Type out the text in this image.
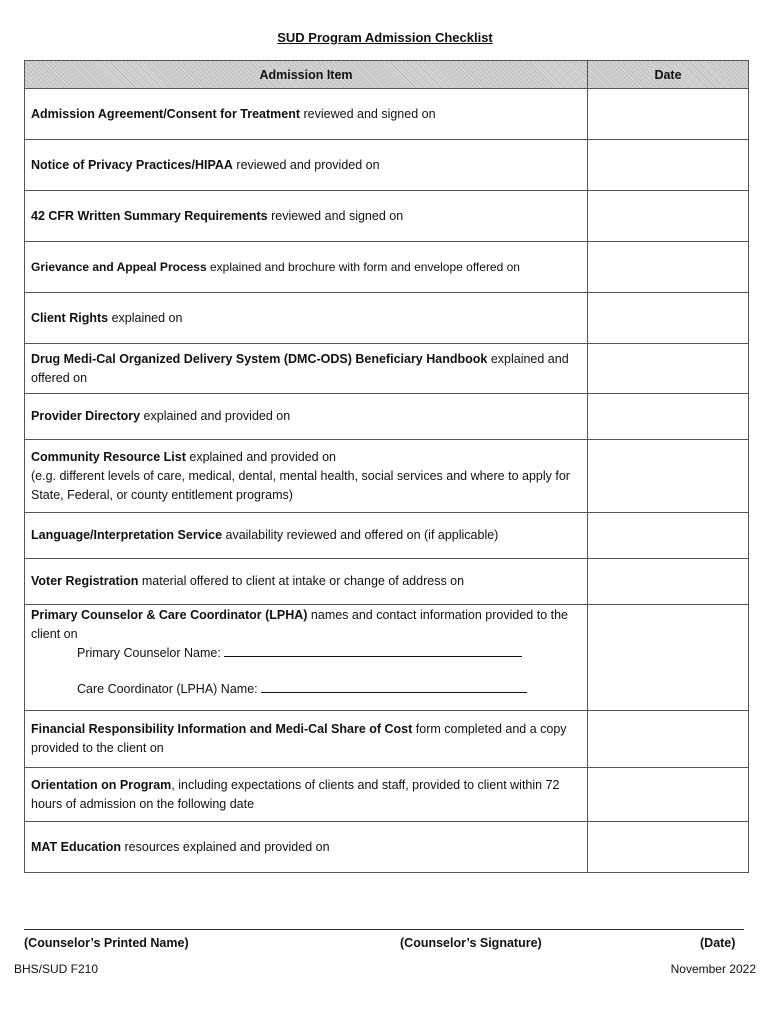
SUD Program Admission Checklist
Admission Item	Date
Admission Agreement/Consent for Treatment reviewed and signed on	
Notice of Privacy Practices/HIPAA reviewed and provided on	
42 CFR Written Summary Requirements reviewed and signed on	
Grievance and Appeal Process explained and brochure with form and envelope offered on	
Client Rights explained on	
Drug Medi-Cal Organized Delivery System (DMC-ODS) Beneficiary Handbook explained and offered on	
Provider Directory explained and provided on	
Community Resource List explained and provided on
(e.g. different levels of care, medical, dental, mental health, social services and where to apply for State, Federal, or county entitlement programs)	
Language/Interpretation Service availability reviewed and offered on (if applicable)	
Voter Registration material offered to client at intake or change of address on	
Primary Counselor & Care Coordinator (LPHA) names and contact information provided to the client on
Primary Counselor Name:
Care Coordinator (LPHA) Name:	

Financial Responsibility Information and Medi-Cal Share of Cost form completed and a copy provided to the client on	
Orientation on Program, including expectations of clients and staff, provided to client within 72 hours of admission on the following date	
MAT Education resources explained and provided on	
(Counselor’s Printed Name)	(Counselor’s Signature)	(Date)
BHS/SUD F210	November 2022
